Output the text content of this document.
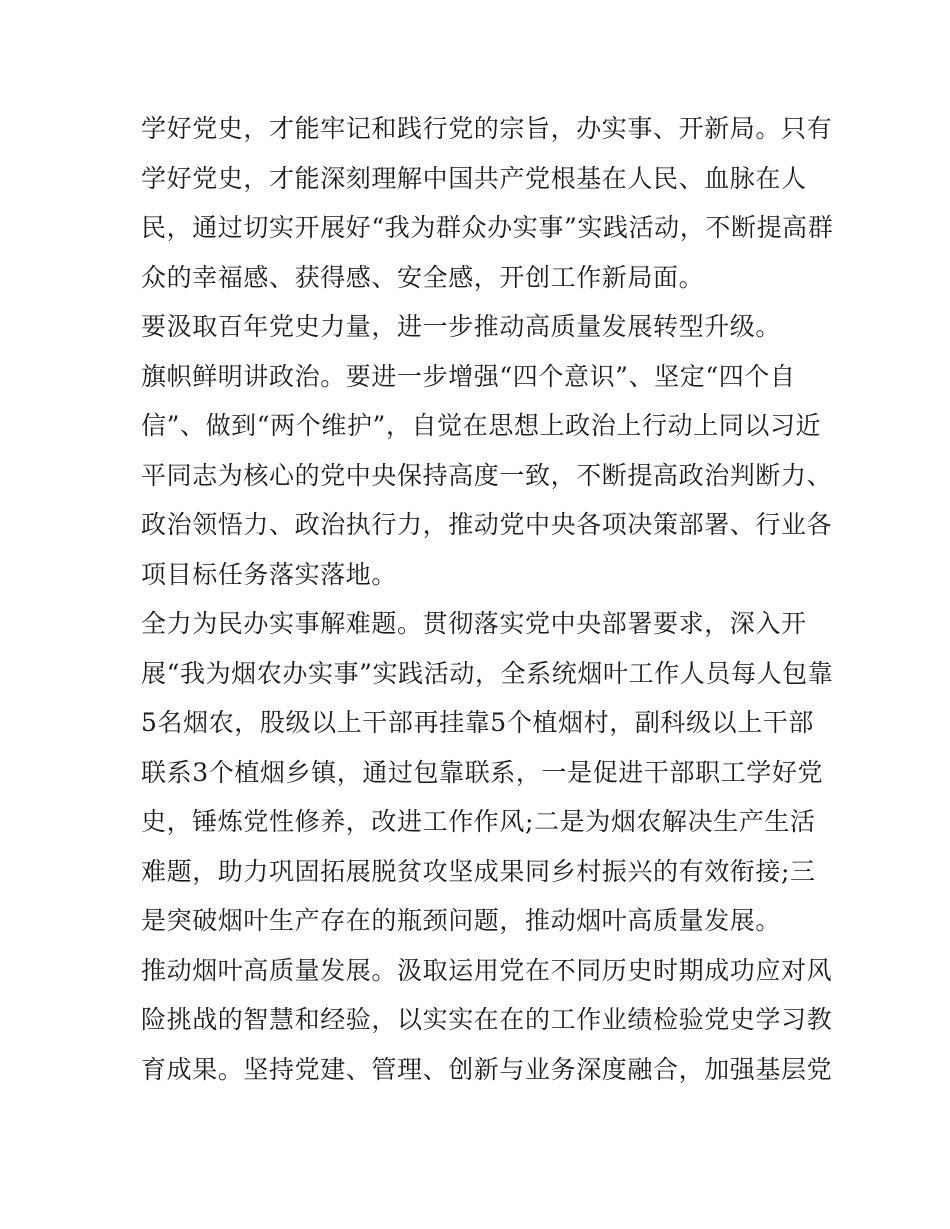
学好党史，才能牢记和践行党的宗旨，办实事、开新局。只有
学好党史，才能深刻理解中国共产党根基在人民、血脉在人
民，通过切实开展好“我为群众办实事”实践活动，不断提高群
众的幸福感、获得感、安全感，开创工作新局面。
要汲取百年党史力量，进一步推动高质量发展转型升级。
旗帜鲜明讲政治。要进一步增强“四个意识”、坚定“四个自
信”、做到“两个维护”，自觉在思想上政治上行动上同以习近
平同志为核心的党中央保持高度一致，不断提高政治判断力、
政治领悟力、政治执行力，推动党中央各项决策部署、行业各
项目标任务落实落地。
全力为民办实事解难题。贯彻落实党中央部署要求，深入开
展“我为烟农办实事”实践活动，全系统烟叶工作人员每人包靠
5名烟农，股级以上干部再挂靠5个植烟村，副科级以上干部
联系3个植烟乡镇，通过包靠联系，一是促进干部职工学好党
史，锤炼党性修养，改进工作作风;二是为烟农解决生产生活
难题，助力巩固拓展脱贫攻坚成果同乡村振兴的有效衔接;三
是突破烟叶生产存在的瓶颈问题，推动烟叶高质量发展。
推动烟叶高质量发展。汲取运用党在不同历史时期成功应对风
险挑战的智慧和经验，以实实在在的工作业绩检验党史学习教
育成果。坚持党建、管理、创新与业务深度融合，加强基层党
